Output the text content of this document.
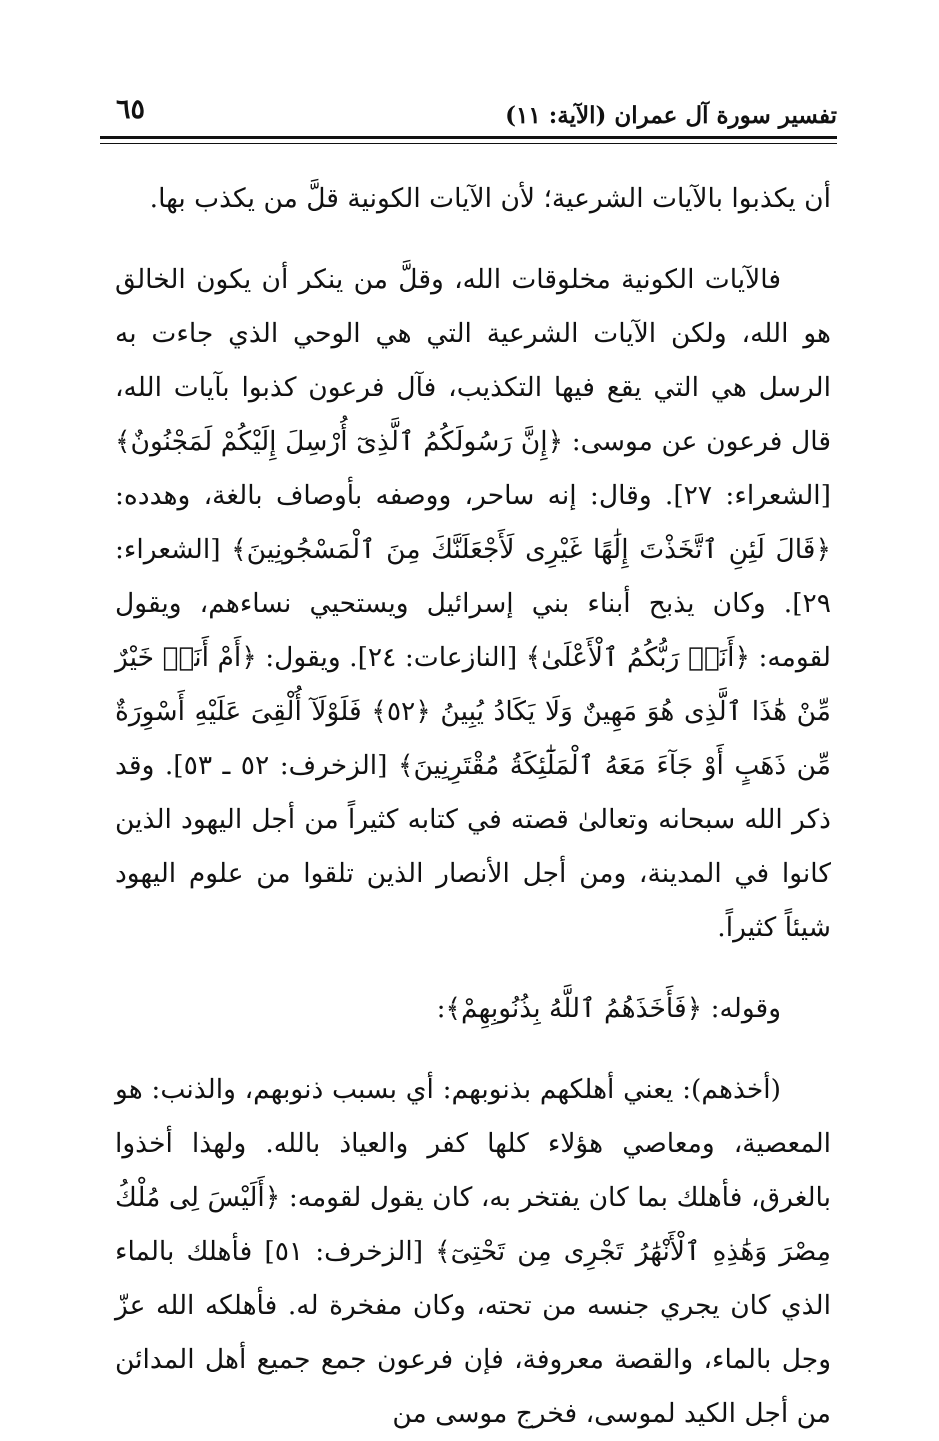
تفسير سورة آل عمران (الآية: ١١)
٦٥

أن يكذبوا بالآيات الشرعية؛ لأن الآيات الكونية قلَّ من يكذب بها.

فالآيات الكونية مخلوقات الله، وقلَّ من ينكر أن يكون الخالق هو الله، ولكن الآيات الشرعية التي هي الوحي الذي جاءت به الرسل هي التي يقع فيها التكذيب، فآل فرعون كذبوا بآيات الله، قال فرعون عن موسى: ﴿إِنَّ رَسُولَكُمُ ٱلَّذِىٓ أُرْسِلَ إِلَيْكُمْ لَمَجْنُونٌ﴾ [الشعراء: ٢٧]. وقال: إنه ساحر، ووصفه بأوصاف بالغة، وهدده: ﴿قَالَ لَئِنِ ٱتَّخَذْتَ إِلَٰهًا غَيْرِى لَأَجْعَلَنَّكَ مِنَ ٱلْمَسْجُونِينَ﴾ [الشعراء: ٢٩]. وكان يذبح أبناء بني إسرائيل ويستحيي نساءهم، ويقول لقومه: ﴿أَنَا۠ رَبُّكُمُ ٱلْأَعْلَىٰ﴾ [النازعات: ٢٤]. ويقول: ﴿أَمْ أَنَا۠ خَيْرٌ مِّنْ هَٰذَا ٱلَّذِى هُوَ مَهِينٌ وَلَا يَكَادُ يُبِينُ ﴿٥٢﴾ فَلَوْلَآ أُلْقِىَ عَلَيْهِ أَسْوِرَةٌ مِّن ذَهَبٍ أَوْ جَآءَ مَعَهُ ٱلْمَلَٰٓئِكَةُ مُقْتَرِنِينَ﴾ [الزخرف: ٥٢ ـ ٥٣]. وقد ذكر الله سبحانه وتعالىٰ قصته في كتابه كثيراً من أجل اليهود الذين كانوا في المدينة، ومن أجل الأنصار الذين تلقوا من علوم اليهود شيئاً كثيراً.

وقوله: ﴿فَأَخَذَهُمُ ٱللَّهُ بِذُنُوبِهِمْ﴾:

(أخذهم): يعني أهلكهم بذنوبهم: أي بسبب ذنوبهم، والذنب: هو المعصية، ومعاصي هؤلاء كلها كفر والعياذ بالله. ولهذا أخذوا بالغرق، فأهلك بما كان يفتخر به، كان يقول لقومه: ﴿أَلَيْسَ لِى مُلْكُ مِصْرَ وَهَٰذِهِ ٱلْأَنْهَٰرُ تَجْرِى مِن تَحْتِىٓ﴾ [الزخرف: ٥١] فأهلك بالماء الذي كان يجري جنسه من تحته، وكان مفخرة له. فأهلكه الله عزّ وجل بالماء، والقصة معروفة، فإن فرعون جمع جميع أهل المدائن من أجل الكيد لموسى، فخرج موسى من
